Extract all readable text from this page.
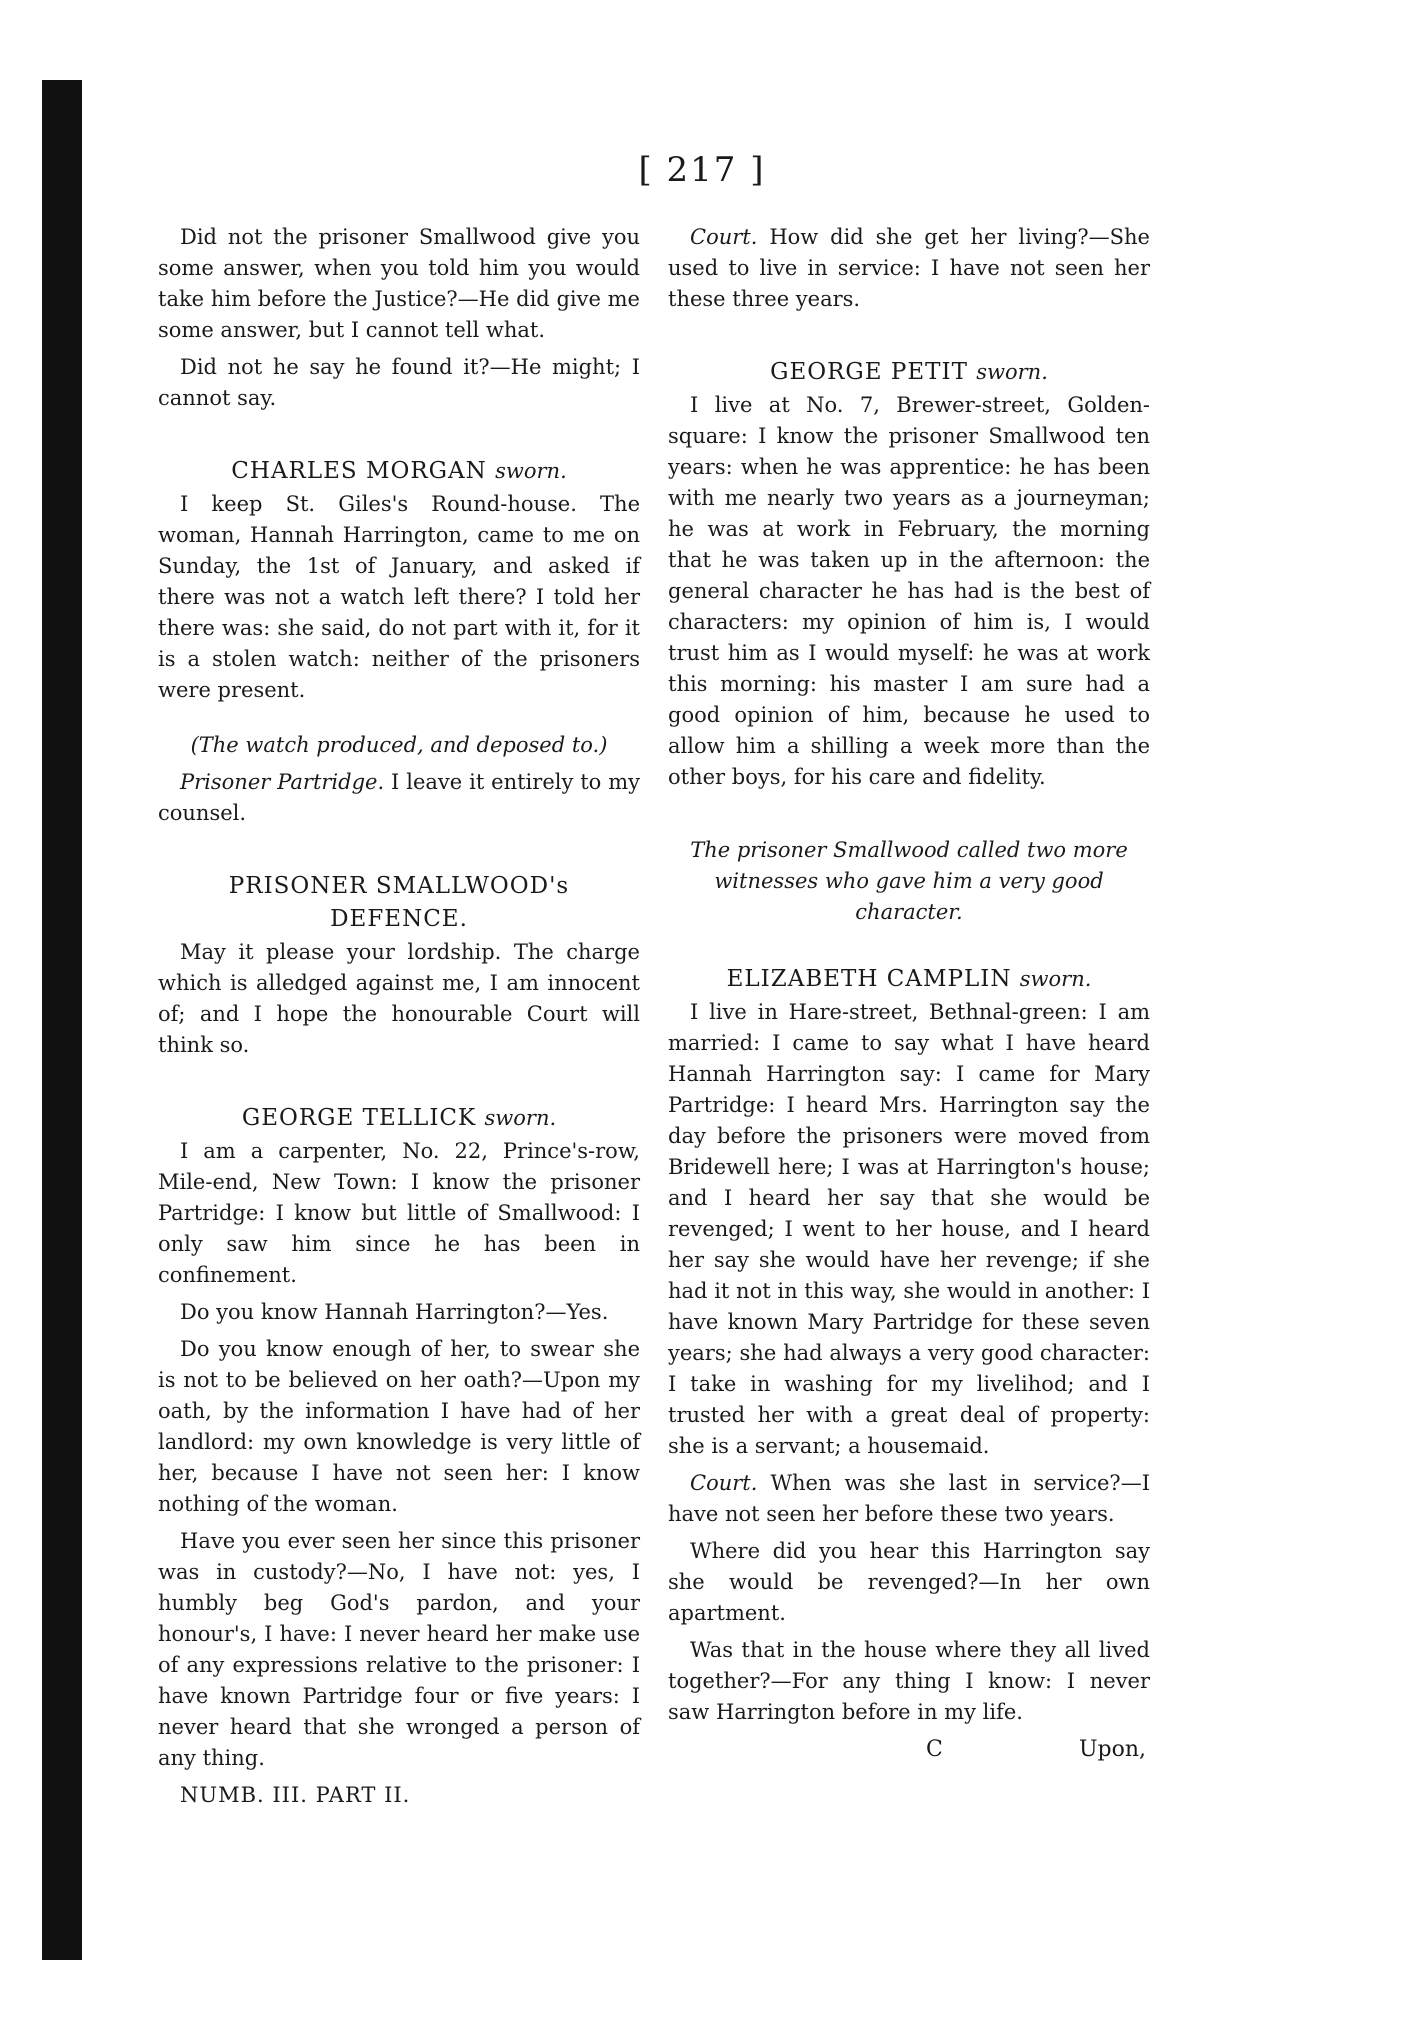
[ 217 ]

Did not the prisoner Smallwood give you some answer, when you told him you would take him before the Justice?—He did give me some answer, but I cannot tell what.

Did not he say he found it?—He might; I cannot say.

CHARLES MORGAN sworn.

I keep St. Giles's Round-house. The woman, Hannah Harrington, came to me on Sunday, the 1st of January, and asked if there was not a watch left there? I told her there was: she said, do not part with it, for it is a stolen watch: neither of the prisoners were present.

(The watch produced, and deposed to.)

Prisoner Partridge. I leave it entirely to my counsel.

PRISONER SMALLWOOD's
DEFENCE.

May it please your lordship. The charge which is alledged against me, I am innocent of; and I hope the honourable Court will think so.

GEORGE TELLICK sworn.

I am a carpenter, No. 22, Prince's-row, Mile-end, New Town: I know the prisoner Partridge: I know but little of Smallwood: I only saw him since he has been in confinement.

Do you know Hannah Harrington?—Yes.

Do you know enough of her, to swear she is not to be believed on her oath?—Upon my oath, by the information I have had of her landlord: my own knowledge is very little of her, because I have not seen her: I know nothing of the woman.

Have you ever seen her since this prisoner was in custody?—No, I have not: yes, I humbly beg God's pardon, and your honour's, I have: I never heard her make use of any expressions relative to the prisoner: I have known Partridge four or five years: I never heard that she wronged a person of any thing.

NUMB. III. PART II.

Court. How did she get her living?—She used to live in service: I have not seen her these three years.

GEORGE PETIT sworn.

I live at No. 7, Brewer-street, Golden-square: I know the prisoner Smallwood ten years: when he was apprentice: he has been with me nearly two years as a journeyman; he was at work in February, the morning that he was taken up in the afternoon: the general character he has had is the best of characters: my opinion of him is, I would trust him as I would myself: he was at work this morning: his master I am sure had a good opinion of him, because he used to allow him a shilling a week more than the other boys, for his care and fidelity.

The prisoner Smallwood called two more witnesses who gave him a very good character.
ELIZABETH CAMPLIN sworn.

I live in Hare-street, Bethnal-green: I am married: I came to say what I have heard Hannah Harrington say: I came for Mary Partridge: I heard Mrs. Harrington say the day before the prisoners were moved from Bridewell here; I was at Harrington's house; and I heard her say that she would be revenged; I went to her house, and I heard her say she would have her revenge; if she had it not in this way, she would in another: I have known Mary Partridge for these seven years; she had always a very good character: I take in washing for my livelihod; and I trusted her with a great deal of property: she is a servant; a housemaid.

Court. When was she last in service?—I have not seen her before these two years.

Where did you hear this Harrington say she would be revenged?—In her own apartment.

Was that in the house where they all lived together?—For any thing I know: I never saw Harrington before in my life.

C	Upon,
